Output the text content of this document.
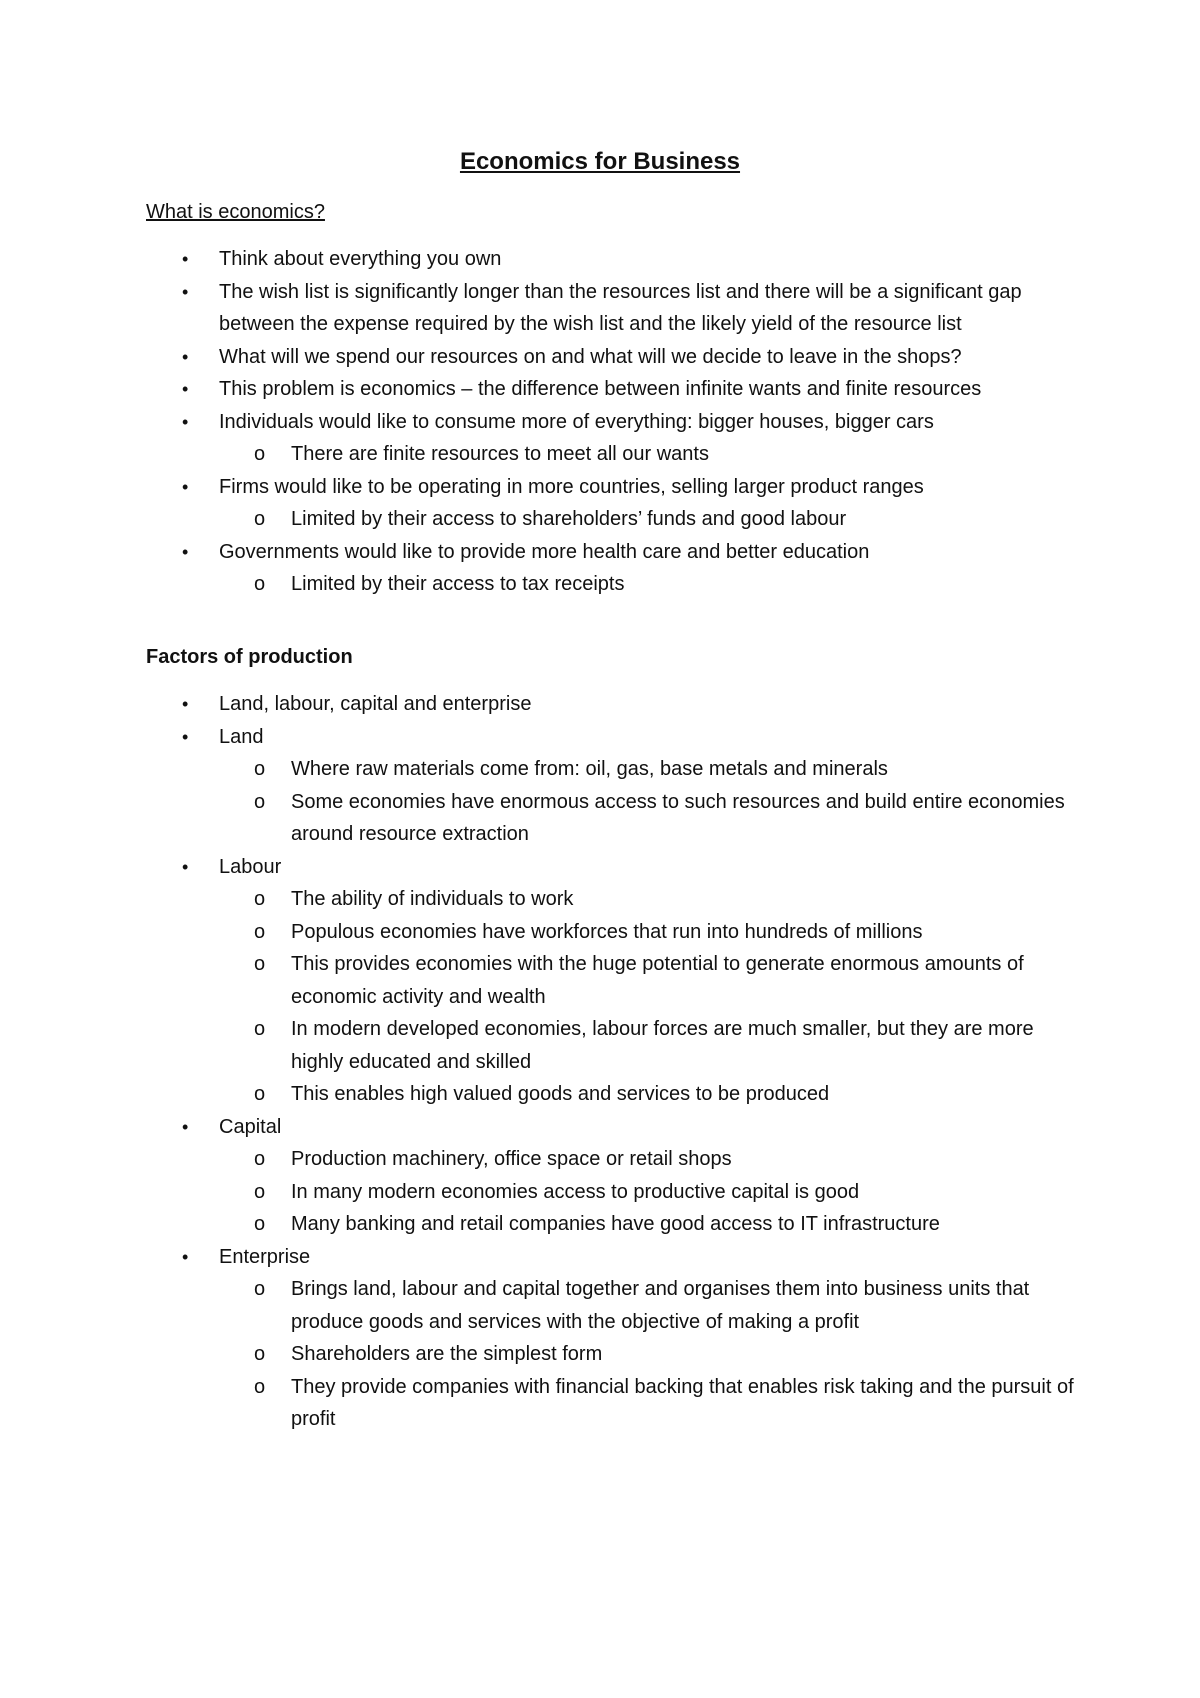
Economics for Business
What is economics?
• Think about everything you own
• The wish list is significantly longer than the resources list and there will be a significant gap between the expense required by the wish list and the likely yield of the resource list
• What will we spend our resources on and what will we decide to leave in the shops?
• This problem is economics – the difference between infinite wants and finite resources
• Individuals would like to consume more of everything: bigger houses, bigger cars
o There are finite resources to meet all our wants
• Firms would like to be operating in more countries, selling larger product ranges
o Limited by their access to shareholders’ funds and good labour
• Governments would like to provide more health care and better education
o Limited by their access to tax receipts
Factors of production
• Land, labour, capital and enterprise
• Land
o Where raw materials come from: oil, gas, base metals and minerals
o Some economies have enormous access to such resources and build entire economies around resource extraction
• Labour
o The ability of individuals to work
o Populous economies have workforces that run into hundreds of millions
o This provides economies with the huge potential to generate enormous amounts of economic activity and wealth
o In modern developed economies, labour forces are much smaller, but they are more highly educated and skilled
o This enables high valued goods and services to be produced
• Capital
o Production machinery, office space or retail shops
o In many modern economies access to productive capital is good
o Many banking and retail companies have good access to IT infrastructure
• Enterprise
o Brings land, labour and capital together and organises them into business units that produce goods and services with the objective of making a profit
o Shareholders are the simplest form
o They provide companies with financial backing that enables risk taking and the pursuit of profit
